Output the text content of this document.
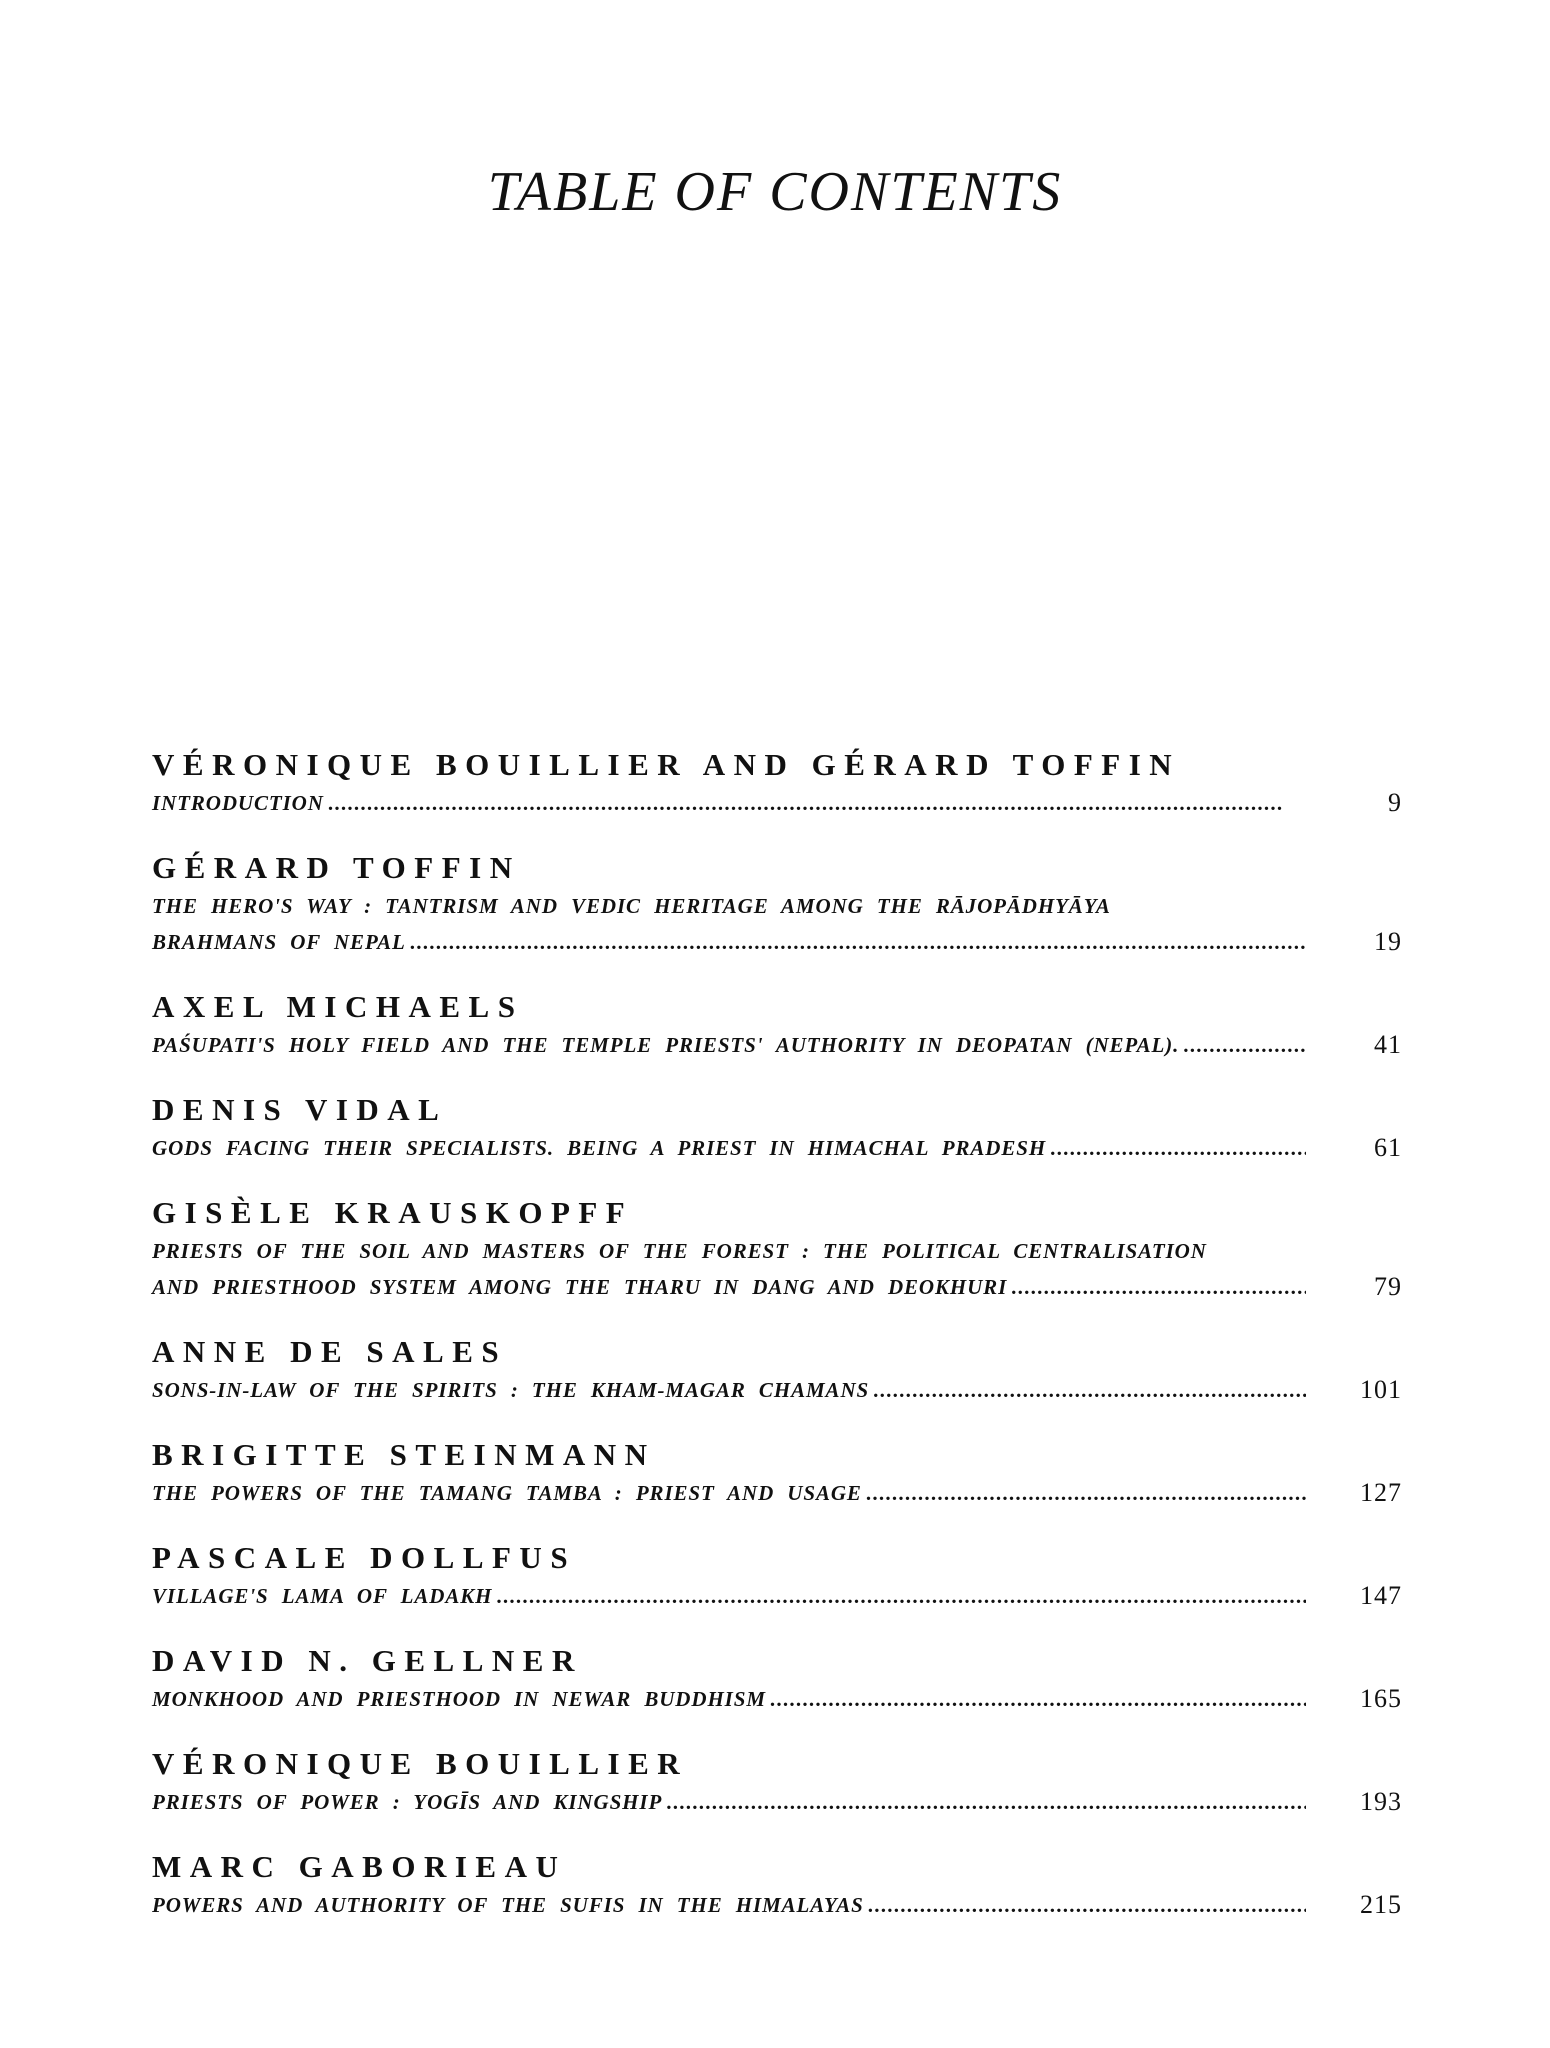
TABLE OF CONTENTS
VÉRONIQUE BOUILLIER AND GÉRARD TOFFIN
INTRODUCTION . . .	9
GÉRARD TOFFIN
THE HERO'S WAY : TANTRISM AND VEDIC HERITAGE AMONG THE RĀJOPĀDHYĀYA
BRAHMANS OF NEPAL . . .	19
AXEL MICHAELS
PAŚUPATI'S HOLY FIELD AND THE TEMPLE PRIESTS' AUTHORITY IN DEOPATAN (NEPAL). . . .	41
DENIS VIDAL
GODS FACING THEIR SPECIALISTS. BEING A PRIEST IN HIMACHAL PRADESH . . .	61
GISÈLE KRAUSKOPFF
PRIESTS OF THE SOIL AND MASTERS OF THE FOREST : THE POLITICAL CENTRALISATION
AND PRIESTHOOD SYSTEM AMONG THE THARU IN DANG AND DEOKHURI . . .	79
ANNE DE SALES
SONS-IN-LAW OF THE SPIRITS : THE KHAM-MAGAR CHAMANS . . .	101
BRIGITTE STEINMANN
THE POWERS OF THE TAMANG TAMBA : PRIEST AND USAGE . . .	127
PASCALE DOLLFUS
VILLAGE'S LAMA OF LADAKH . . .	147
DAVID N. GELLNER
MONKHOOD AND PRIESTHOOD IN NEWAR BUDDHISM . . .	165
VÉRONIQUE BOUILLIER
PRIESTS OF POWER : YOGĪS AND KINGSHIP . . .	193
MARC GABORIEAU
POWERS AND AUTHORITY OF THE SUFIS IN THE HIMALAYAS . . .	215
